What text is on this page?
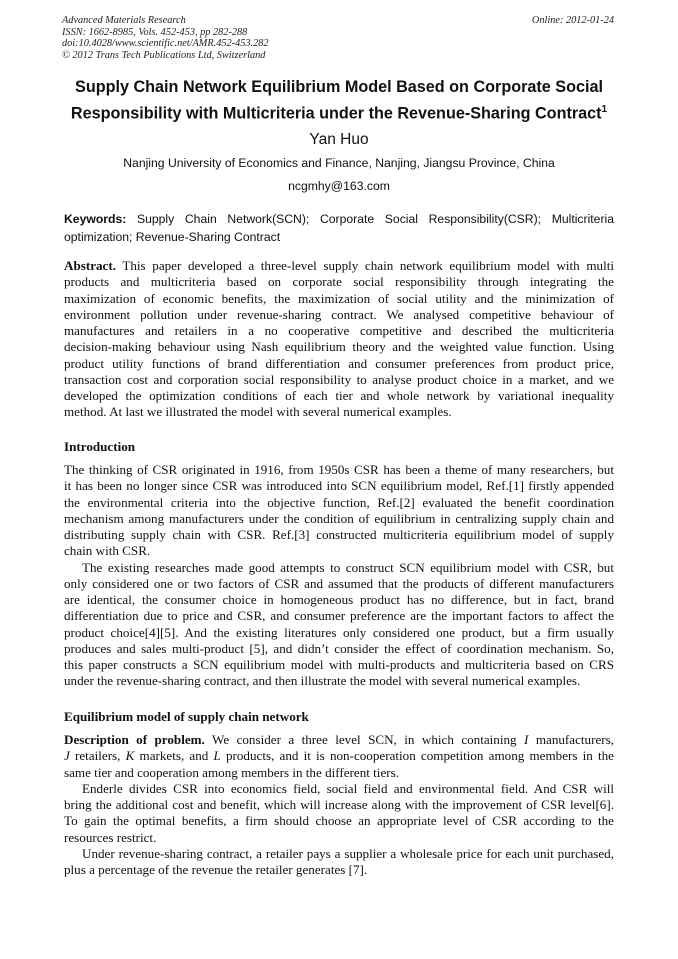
Advanced Materials Research
ISSN: 1662-8985, Vols. 452-453, pp 282-288
doi:10.4028/www.scientific.net/AMR.452-453.282
© 2012 Trans Tech Publications Ltd, Switzerland
Online: 2012-01-24
Supply Chain Network Equilibrium Model Based on Corporate Social
Responsibility with Multicriteria under the Revenue-Sharing Contract$^1$
Yan Huo
Nanjing University of Economics and Finance, Nanjing, Jiangsu Province, China
ncgmhy@163.com
Keywords: Supply Chain Network(SCN); Corporate Social Responsibility(CSR); Multicriteria
optimization; Revenue-Sharing Contract
Abstract. This paper developed a three-level supply chain network equilibrium model with multi
products and multicriteria based on corporate social responsibility through integrating the
maximization of economic benefits, the maximization of social utility and the minimization of
environment pollution under revenue-sharing contract. We analysed competitive behaviour of
manufactures and retailers in a no cooperative competitive and described the multicriteria
decision-making behaviour using Nash equilibrium theory and the weighted value function. Using
product utility functions of brand differentiation and consumer preferences from product price,
transaction cost and corporation social responsibility to analyse product choice in a market, and we
developed the optimization conditions of each tier and whole network by variational inequality
method. At last we illustrated the model with several numerical examples.
Introduction
The thinking of CSR originated in 1916, from 1950s CSR has been a theme of many researchers, but
it has been no longer since CSR was introduced into SCN equilibrium model, Ref.[1] firstly appended
the environmental criteria into the objective function, Ref.[2] evaluated the benefit coordination
mechanism among manufacturers under the condition of equilibrium in centralizing supply chain and
distributing supply chain with CSR. Ref.[3] constructed multicriteria equilibrium model of supply
chain with CSR.
The existing researches made good attempts to construct SCN equilibrium model with CSR, but
only considered one or two factors of CSR and assumed that the products of different manufacturers
are identical, the consumer choice in homogeneous product has no difference, but in fact, brand
differentiation due to price and CSR, and consumer preference are the important factors to affect the
product choice[4][5]. And the existing literatures only considered one product, but a firm usually
produces and sales multi-product [5], and didn’t consider the effect of coordination mechanism. So,
this paper constructs a SCN equilibrium model with multi-products and multicriteria based on CRS
under the revenue-sharing contract, and then illustrate the model with several numerical examples.
Equilibrium model of supply chain network
Description of problem. We consider a three level SCN, in which containing I manufacturers,
J retailers, K markets, and L products, and it is non-cooperation competition among members in the
same tier and cooperation among members in the different tiers.
Enderle divides CSR into economics field, social field and environmental field. And CSR will
bring the additional cost and benefit, which will increase along with the improvement of CSR level[6].
To gain the optimal benefits, a firm should choose an appropriate level of CSR according to the
resources restrict.
Under revenue-sharing contract, a retailer pays a supplier a wholesale price for each unit purchased,
plus a percentage of the revenue the retailer generates [7].
